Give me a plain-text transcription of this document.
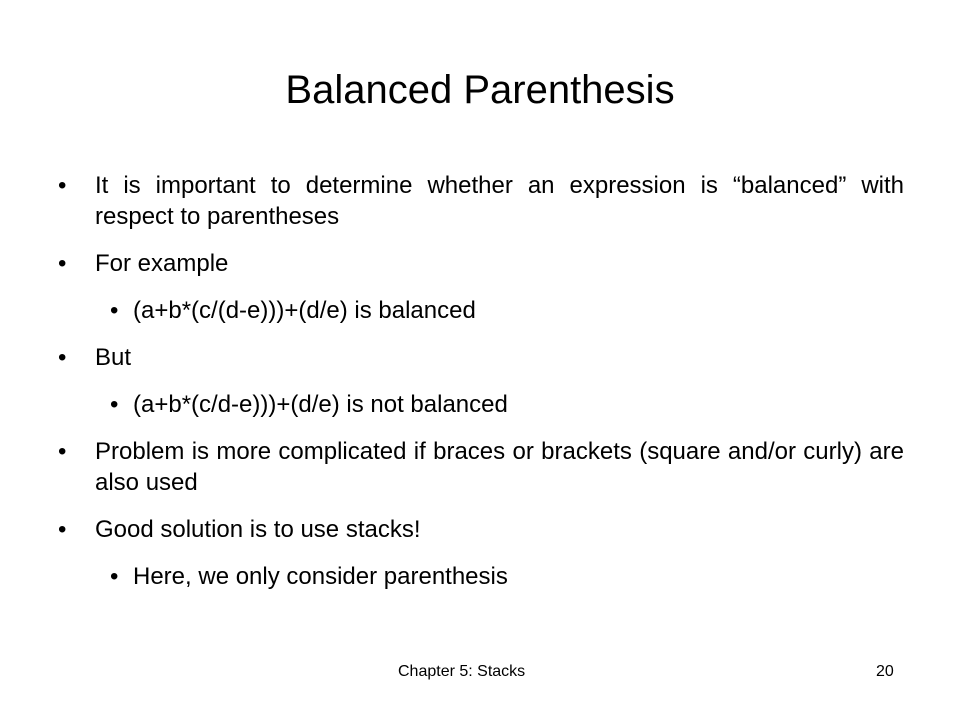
Balanced Parenthesis
• It is important to determine whether an expression is “balanced” with respect to parentheses
• For example
• (a+b*(c/(d-e)))+(d/e) is balanced
• But
• (a+b*(c/d-e)))+(d/e) is not balanced
• Problem is more complicated if braces or brackets (square and/or curly) are also used
• Good solution is to use stacks!
• Here, we only consider parenthesis
Chapter 5: Stacks	20
